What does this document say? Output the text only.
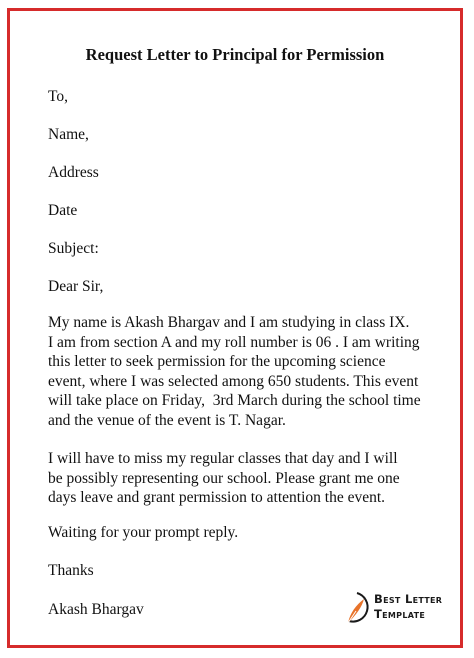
Request Letter to Principal for Permission
To,
Name,
Address
Date
Subject:
Dear Sir,
My name is Akash Bhargav and I am studying in class IX.
I am from section A and my roll number is 06 . I am writing
this letter to seek permission for the upcoming science
event, where I was selected among 650 students. This event
will take place on Friday,  3rd March during the school time
and the venue of the event is T. Nagar.
I will have to miss my regular classes that day and I will
be possibly representing our school. Please grant me one
days leave and grant permission to attention the event.
Waiting for your prompt reply.
Thanks
Akash Bhargav
Best Letter
Template
